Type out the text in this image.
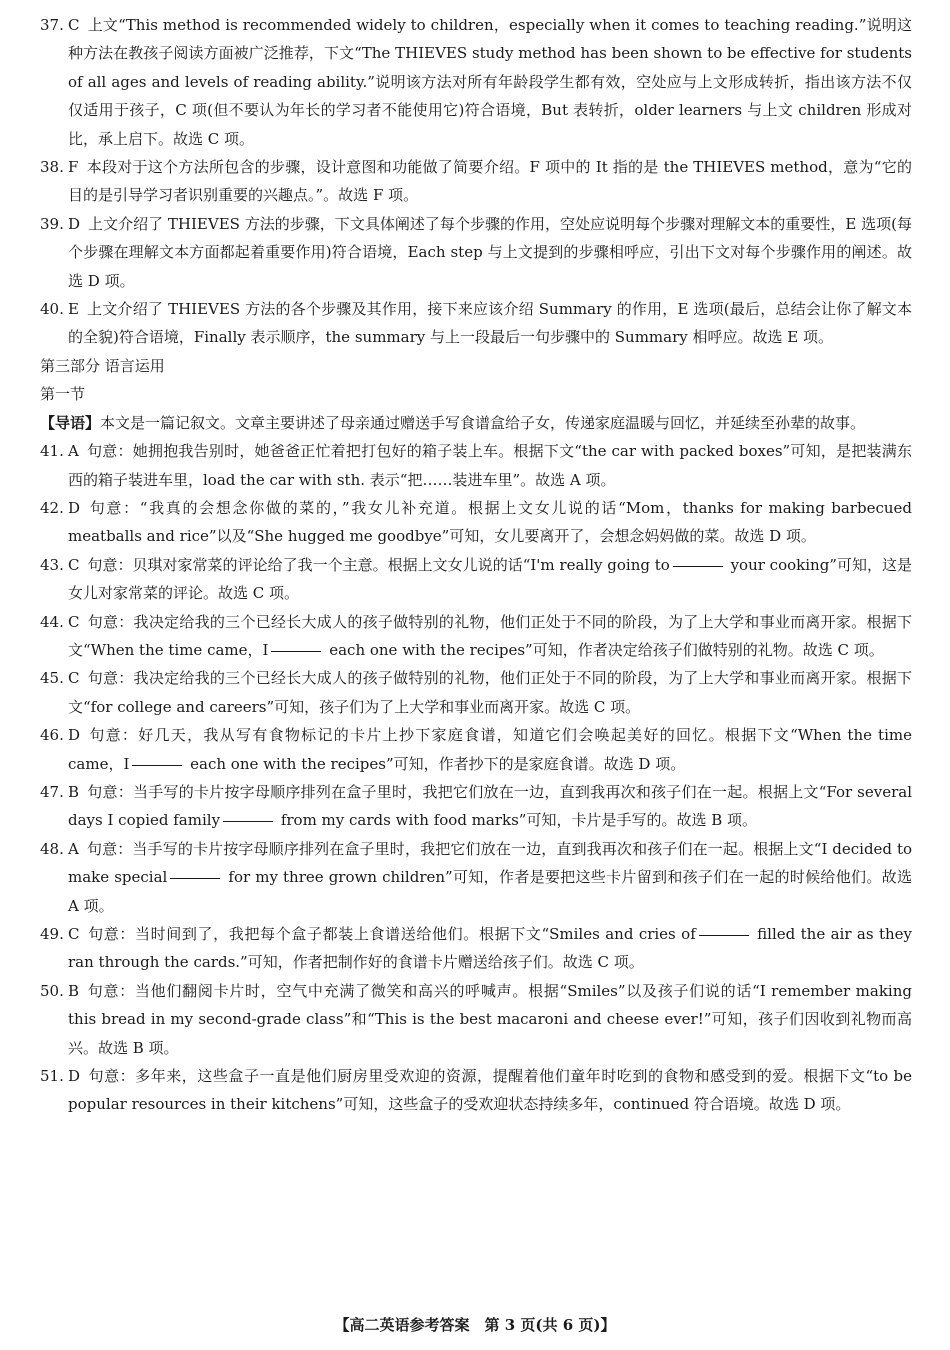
37. C 上文“This method is recommended widely to children，especially when it comes to teaching reading.”说明这种方法在教孩子阅读方面被广泛推荐，下文“The THIEVES study method has been shown to be effective for students of all ages and levels of reading ability.”说明该方法对所有年龄段学生都有效，空处应与上文形成转折，指出该方法不仅仅适用于孩子，C 项(但不要认为年长的学习者不能使用它)符合语境，But 表转折，older learners 与上文 children 形成对比，承上启下。故选 C 项。

38. F 本段对于这个方法所包含的步骤，设计意图和功能做了简要介绍。F 项中的 It 指的是 the THIEVES method，意为“它的目的是引导学习者识别重要的兴趣点。”。故选 F 项。

39. D 上文介绍了 THIEVES 方法的步骤，下文具体阐述了每个步骤的作用，空处应说明每个步骤对理解文本的重要性，E 选项(每个步骤在理解文本方面都起着重要作用)符合语境，Each step 与上文提到的步骤相呼应，引出下文对每个步骤作用的阐述。故选 D 项。

40. E 上文介绍了 THIEVES 方法的各个步骤及其作用，接下来应该介绍 Summary 的作用，E 选项(最后，总结会让你了解文本的全貌)符合语境，Finally 表示顺序，the summary 与上一段最后一句步骤中的 Summary 相呼应。故选 E 项。

第三部分 语言运用

第一节

【导语】本文是一篇记叙文。文章主要讲述了母亲通过赠送手写食谱盒给子女，传递家庭温暖与回忆，并延续至孙辈的故事。

41. A 句意：她拥抱我告别时，她爸爸正忙着把打包好的箱子装上车。根据下文“the car with packed boxes”可知，是把装满东西的箱子装进车里，load the car with sth. 表示“把……装进车里”。故选 A 项。

42. D 句意：“我真的会想念你做的菜的，”我女儿补充道。根据上文女儿说的话“Mom，thanks for making barbecued meatballs and rice”以及“She hugged me goodbye”可知，女儿要离开了，会想念妈妈做的菜。故选 D 项。

43. C 句意：贝琪对家常菜的评论给了我一个主意。根据上文女儿说的话“I'm really going to	your cooking”可知，这是女儿对家常菜的评论。故选 C 项。

44. C 句意：我决定给我的三个已经长大成人的孩子做特别的礼物，他们正处于不同的阶段，为了上大学和事业而离开家。根据下文“When the time came，I	each one with the recipes”可知，作者决定给孩子们做特别的礼物。故选 C 项。

45. C 句意：我决定给我的三个已经长大成人的孩子做特别的礼物，他们正处于不同的阶段，为了上大学和事业而离开家。根据下文“for college and careers”可知，孩子们为了上大学和事业而离开家。故选 C 项。

46. D 句意：好几天，我从写有食物标记的卡片上抄下家庭食谱，知道它们会唤起美好的回忆。根据下文“When the time came，I	each one with the recipes”可知，作者抄下的是家庭食谱。故选 D 项。

47. B 句意：当手写的卡片按字母顺序排列在盒子里时，我把它们放在一边，直到我再次和孩子们在一起。根据上文“For several days I copied family	from my cards with food marks”可知，卡片是手写的。故选 B 项。

48. A 句意：当手写的卡片按字母顺序排列在盒子里时，我把它们放在一边，直到我再次和孩子们在一起。根据上文“I decided to make special	for my three grown children”可知，作者是要把这些卡片留到和孩子们在一起的时候给他们。故选 A 项。

49. C 句意：当时间到了，我把每个盒子都装上食谱送给他们。根据下文“Smiles and cries of	filled the air as they ran through the cards.”可知，作者把制作好的食谱卡片赠送给孩子们。故选 C 项。

50. B 句意：当他们翻阅卡片时，空气中充满了微笑和高兴的呼喊声。根据“Smiles”以及孩子们说的话“I remember making this bread in my second-grade class”和“This is the best macaroni and cheese ever!”可知，孩子们因收到礼物而高兴。故选 B 项。

51. D 句意：多年来，这些盒子一直是他们厨房里受欢迎的资源，提醒着他们童年时吃到的食物和感受到的爱。根据下文“to be popular resources in their kitchens”可知，这些盒子的受欢迎状态持续多年，continued 符合语境。故选 D 项。

【高二英语参考答案　第 3 页(共 6 页)】
